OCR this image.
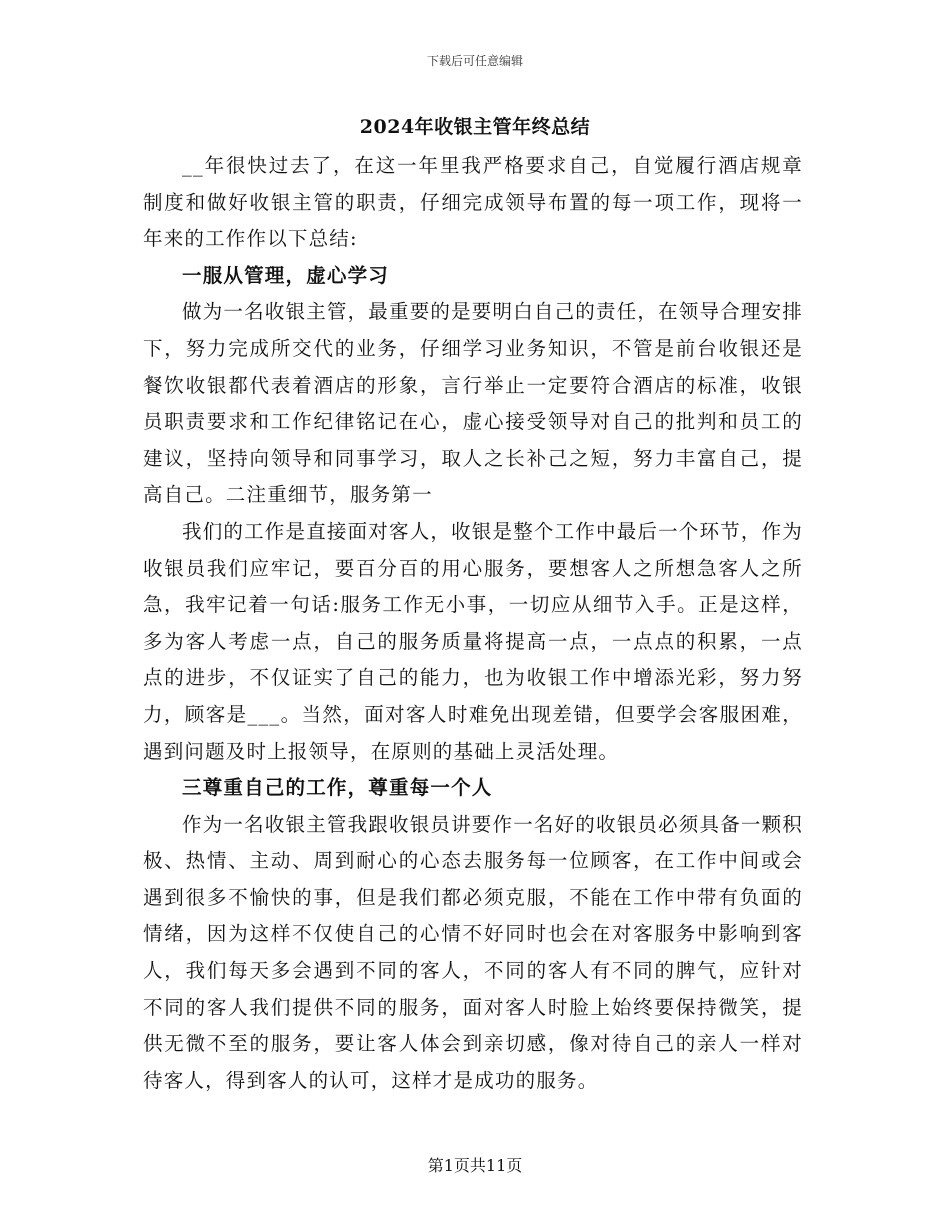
下载后可任意编辑
2024年收银主管年终总结

__年很快过去了，在这一年里我严格要求自己，自觉履行酒店规章制度和做好收银主管的职责，仔细完成领导布置的每一项工作，现将一年来的工作作以下总结:

一服从管理，虚心学习

做为一名收银主管，最重要的是要明白自己的责任，在领导合理安排下，努力完成所交代的业务，仔细学习业务知识，不管是前台收银还是餐饮收银都代表着酒店的形象，言行举止一定要符合酒店的标准，收银员职责要求和工作纪律铭记在心，虚心接受领导对自己的批判和员工的建议，坚持向领导和同事学习，取人之长补己之短，努力丰富自己，提高自己。二注重细节，服务第一

我们的工作是直接面对客人，收银是整个工作中最后一个环节，作为收银员我们应牢记，要百分百的用心服务，要想客人之所想急客人之所急，我牢记着一句话:服务工作无小事，一切应从细节入手。正是这样，多为客人考虑一点，自己的服务质量将提高一点，一点点的积累，一点点的进步，不仅证实了自己的能力，也为收银工作中增添光彩，努力努力，顾客是___。当然，面对客人时难免出现差错，但要学会客服困难，遇到问题及时上报领导，在原则的基础上灵活处理。

三尊重自己的工作，尊重每一个人

作为一名收银主管我跟收银员讲要作一名好的收银员必须具备一颗积极、热情、主动、周到耐心的心态去服务每一位顾客，在工作中间或会遇到很多不愉快的事，但是我们都必须克服，不能在工作中带有负面的情绪，因为这样不仅使自己的心情不好同时也会在对客服务中影响到客人，我们每天多会遇到不同的客人，不同的客人有不同的脾气，应针对不同的客人我们提供不同的服务，面对客人时脸上始终要保持微笑，提供无微不至的服务，要让客人体会到亲切感，像对待自己的亲人一样对待客人，得到客人的认可，这样才是成功的服务。

第1页共11页
